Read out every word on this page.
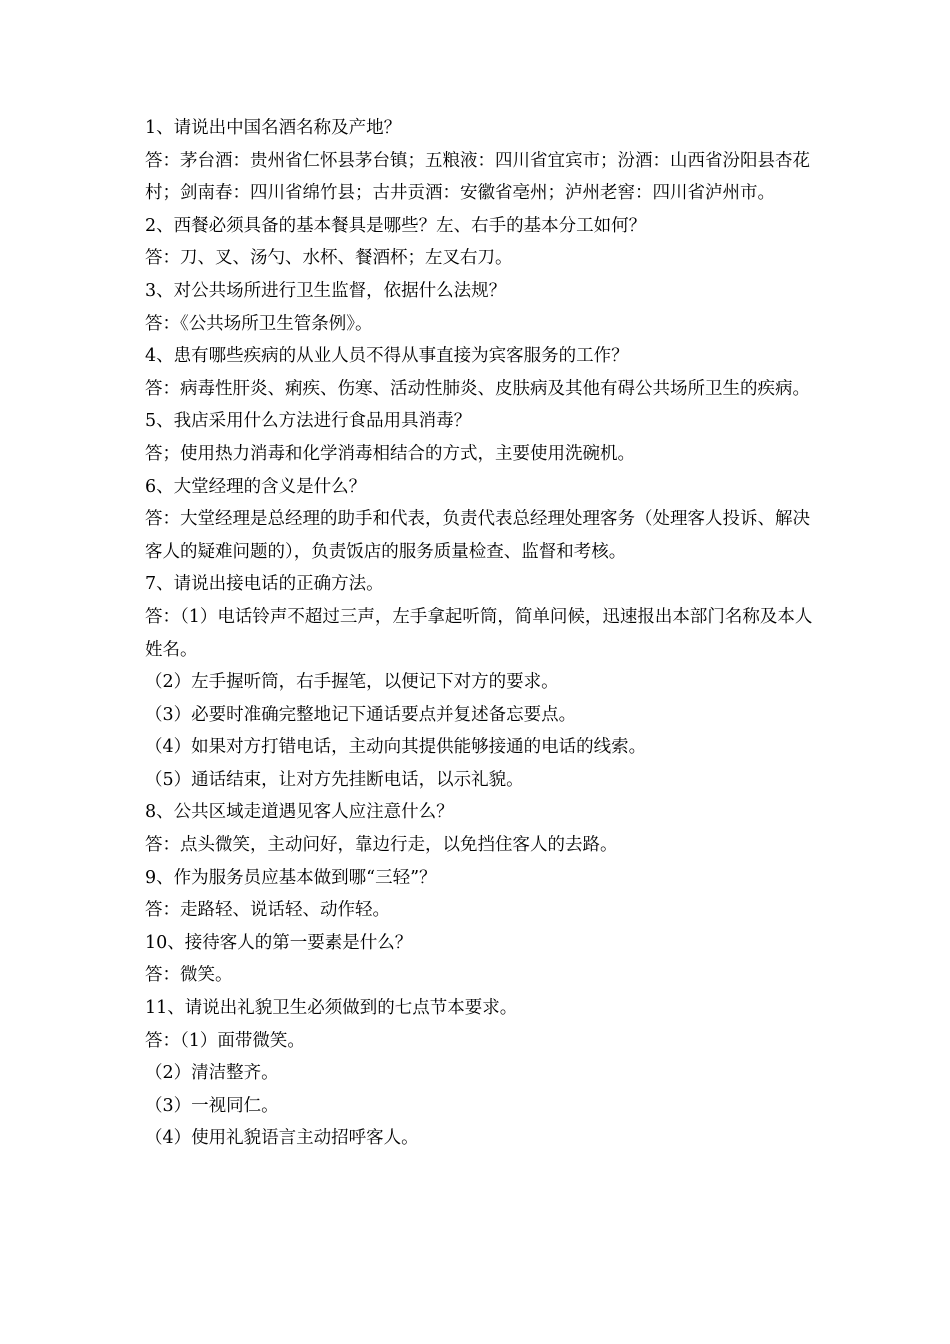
1、请说出中国名酒名称及产地？

答：茅台酒：贵州省仁怀县茅台镇；五粮液：四川省宜宾市；汾酒：山西省汾阳县杏花村；剑南春：四川省绵竹县；古井贡酒：安徽省亳州；泸州老窖：四川省泸州市。

2、西餐必须具备的基本餐具是哪些？左、右手的基本分工如何？

答：刀、叉、汤勺、水杯、餐酒杯；左叉右刀。

3、对公共场所进行卫生监督，依据什么法规？

答：《公共场所卫生管条例》。

4、患有哪些疾病的从业人员不得从事直接为宾客服务的工作？

答：病毒性肝炎、痢疾、伤寒、活动性肺炎、皮肤病及其他有碍公共场所卫生的疾病。

5、我店采用什么方法进行食品用具消毒？

答；使用热力消毒和化学消毒相结合的方式，主要使用洗碗机。

6、大堂经理的含义是什么？

答：大堂经理是总经理的助手和代表，负责代表总经理处理客务（处理客人投诉、解决客人的疑难问题的），负责饭店的服务质量检查、监督和考核。

7、请说出接电话的正确方法。

答：（1）电话铃声不超过三声，左手拿起听筒，简单问候，迅速报出本部门名称及本人姓名。

（2）左手握听筒，右手握笔，以便记下对方的要求。

（3）必要时准确完整地记下通话要点并复述备忘要点。

（4）如果对方打错电话，主动向其提供能够接通的电话的线索。

（5）通话结束，让对方先挂断电话，以示礼貌。

8、公共区域走道遇见客人应注意什么？

答：点头微笑，主动问好，靠边行走，以免挡住客人的去路。

9、作为服务员应基本做到哪“三轻”？

答：走路轻、说话轻、动作轻。

10、接待客人的第一要素是什么？

答：微笑。

11、请说出礼貌卫生必须做到的七点节本要求。

答：（1）面带微笑。

（2）清洁整齐。

（3）一视同仁。

（4）使用礼貌语言主动招呼客人。
